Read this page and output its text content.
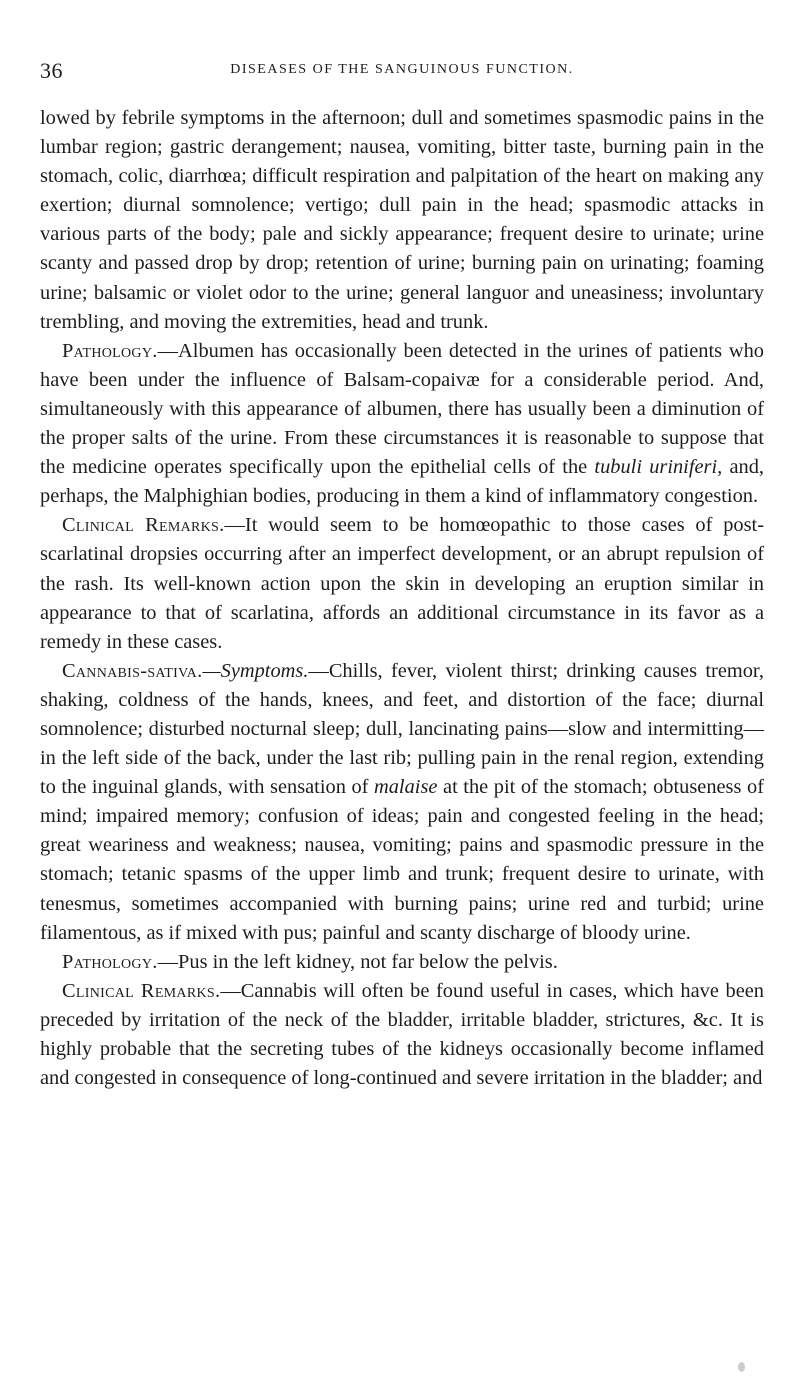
36	DISEASES OF THE SANGUINOUS FUNCTION.

lowed by febrile symptoms in the afternoon; dull and sometimes spasmodic pains in the lumbar region; gastric derangement; nausea, vomiting, bitter taste, burning pain in the stomach, colic, diarrhœa; difficult respiration and palpitation of the heart on making any exertion; diurnal somnolence; vertigo; dull pain in the head; spasmodic attacks in various parts of the body; pale and sickly appearance; frequent desire to urinate; urine scanty and passed drop by drop; retention of urine; burning pain on urinating; foaming urine; balsamic or violet odor to the urine; general languor and uneasiness; involuntary trembling, and moving the extremities, head and trunk.

Pathology.—Albumen has occasionally been detected in the urines of patients who have been under the influence of Balsam-copaivæ for a considerable period. And, simultaneously with this appearance of albumen, there has usually been a diminution of the proper salts of the urine. From these circumstances it is reasonable to suppose that the medicine operates specifically upon the epithelial cells of the tubuli uriniferi, and, perhaps, the Malphighian bodies, producing in them a kind of inflammatory congestion.

Clinical Remarks.—It would seem to be homœopathic to those cases of post-scarlatinal dropsies occurring after an imperfect development, or an abrupt repulsion of the rash. Its well-known action upon the skin in developing an eruption similar in appearance to that of scarlatina, affords an additional circumstance in its favor as a remedy in these cases.

Cannabis-sativa.—Symptoms.—Chills, fever, violent thirst; drinking causes tremor, shaking, coldness of the hands, knees, and feet, and distortion of the face; diurnal somnolence; disturbed nocturnal sleep; dull, lancinating pains—slow and intermitting—in the left side of the back, under the last rib; pulling pain in the renal region, extending to the inguinal glands, with sensation of malaise at the pit of the stomach; obtuseness of mind; impaired memory; confusion of ideas; pain and congested feeling in the head; great weariness and weakness; nausea, vomiting; pains and spasmodic pressure in the stomach; tetanic spasms of the upper limb and trunk; frequent desire to urinate, with tenesmus, sometimes accompanied with burning pains; urine red and turbid; urine filamentous, as if mixed with pus; painful and scanty discharge of bloody urine.

Pathology.—Pus in the left kidney, not far below the pelvis.

Clinical Remarks.—Cannabis will often be found useful in cases, which have been preceded by irritation of the neck of the bladder, irritable bladder, strictures, &c. It is highly probable that the secreting tubes of the kidneys occasionally become inflamed and congested in consequence of long-continued and severe irritation in the bladder; and
